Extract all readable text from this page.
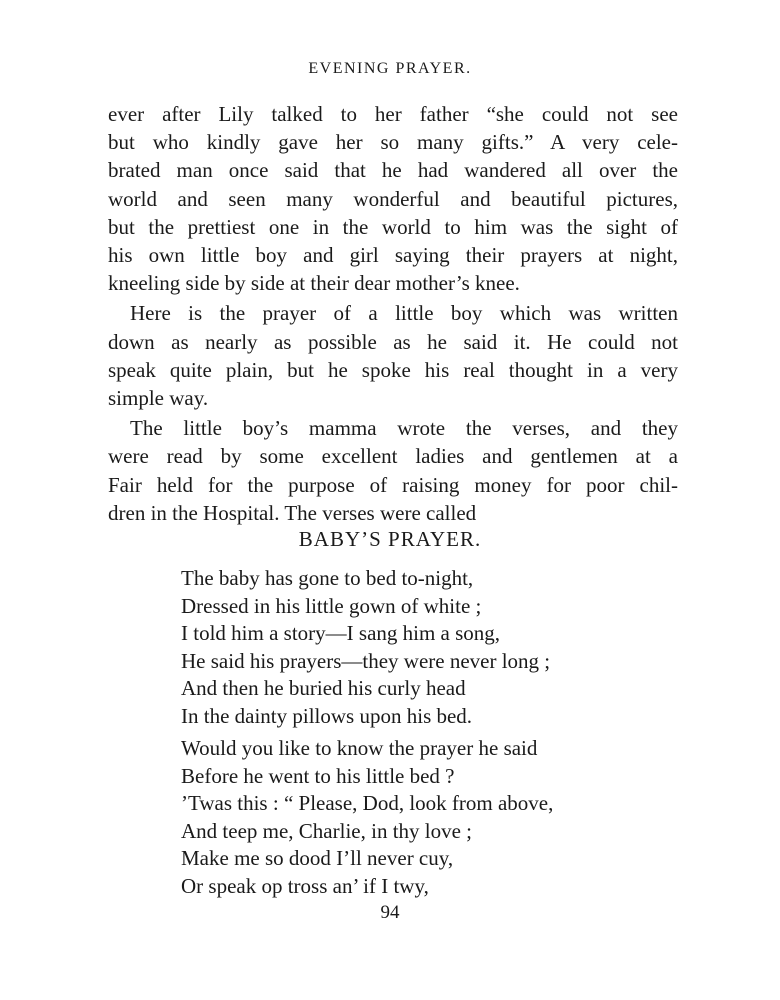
EVENING PRAYER.

ever after Lily talked to her father “she could not see

but who kindly gave her so many gifts.” A very cele-

brated man once said that he had wandered all over the

world and seen many wonderful and beautiful pictures,

but the prettiest one in the world to him was the sight of

his own little boy and girl saying their prayers at night,

kneeling side by side at their dear mother’s knee.

Here is the prayer of a little boy which was written

down as nearly as possible as he said it. He could not

speak quite plain, but he spoke his real thought in a very

simple way.

The little boy’s mamma wrote the verses, and they

were read by some excellent ladies and gentlemen at a

Fair held for the purpose of raising money for poor chil-

dren in the Hospital. The verses were called

BABY’S PRAYER.
The baby has gone to bed to-night,
Dressed in his little gown of white ;
I told him a story—I sang him a song,
He said his prayers—they were never long ;
And then he buried his curly head
In the dainty pillows upon his bed.
Would you like to know the prayer he said
Before he went to his little bed ?
’Twas this : “ Please, Dod, look from above,
And teep me, Charlie, in thy love ;
Make me so dood I’ll never cuy,
Or speak op tross an’ if I twy,
94
